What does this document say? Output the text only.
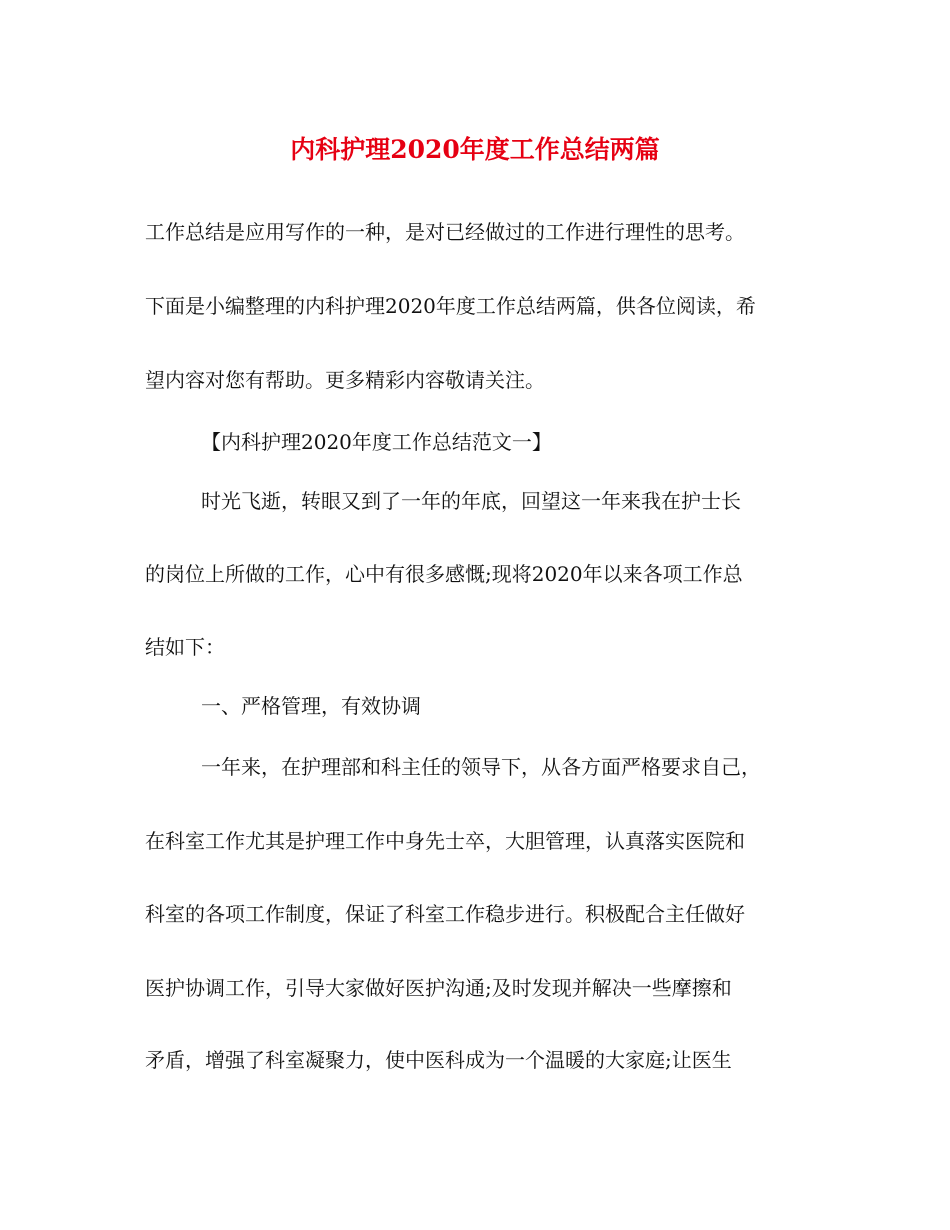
内科护理2020年度工作总结两篇
工作总结是应用写作的一种，是对已经做过的工作进行理性的思考。
下面是小编整理的内科护理2020年度工作总结两篇，供各位阅读，希
望内容对您有帮助。更多精彩内容敬请关注。
【内科护理2020年度工作总结范文一】
时光飞逝，转眼又到了一年的年底，回望这一年来我在护士长
的岗位上所做的工作，心中有很多感慨;现将2020年以来各项工作总
结如下：
一、严格管理，有效协调
一年来，在护理部和科主任的领导下，从各方面严格要求自己，
在科室工作尤其是护理工作中身先士卒，大胆管理，认真落实医院和
科室的各项工作制度，保证了科室工作稳步进行。积极配合主任做好
医护协调工作，引导大家做好医护沟通;及时发现并解决一些摩擦和
矛盾，增强了科室凝聚力，使中医科成为一个温暖的大家庭;让医生
